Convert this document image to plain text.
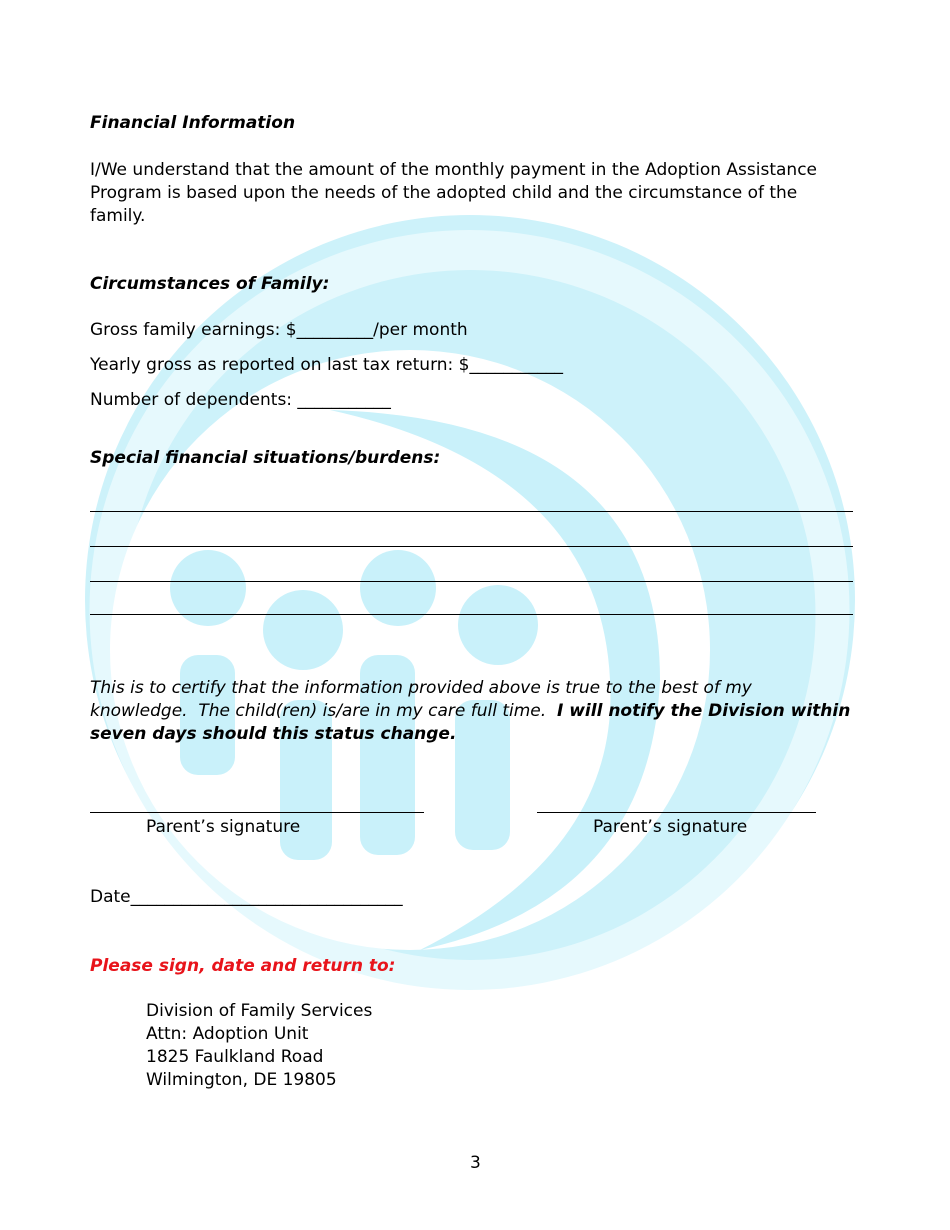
Financial Information

I/We understand that the amount of the monthly payment in the Adoption Assistance

Program is based upon the needs of the adopted child and the circumstance of the

family.

Circumstances of Family:

Gross family earnings: $_________/per month

Yearly gross as reported on last tax return: $___________

Number of dependents: ___________

Special financial situations/burdens:

This is to certify that the information provided above is true to the best of my

knowledge.  The child(ren) is/are in my care full time.  I will notify the Division within

seven days should this status change.

Parent’s signature	Parent’s signature

Date________________________________

Please sign, date and return to:

Division of Family Services

Attn: Adoption Unit

1825 Faulkland Road

Wilmington, DE 19805

3
